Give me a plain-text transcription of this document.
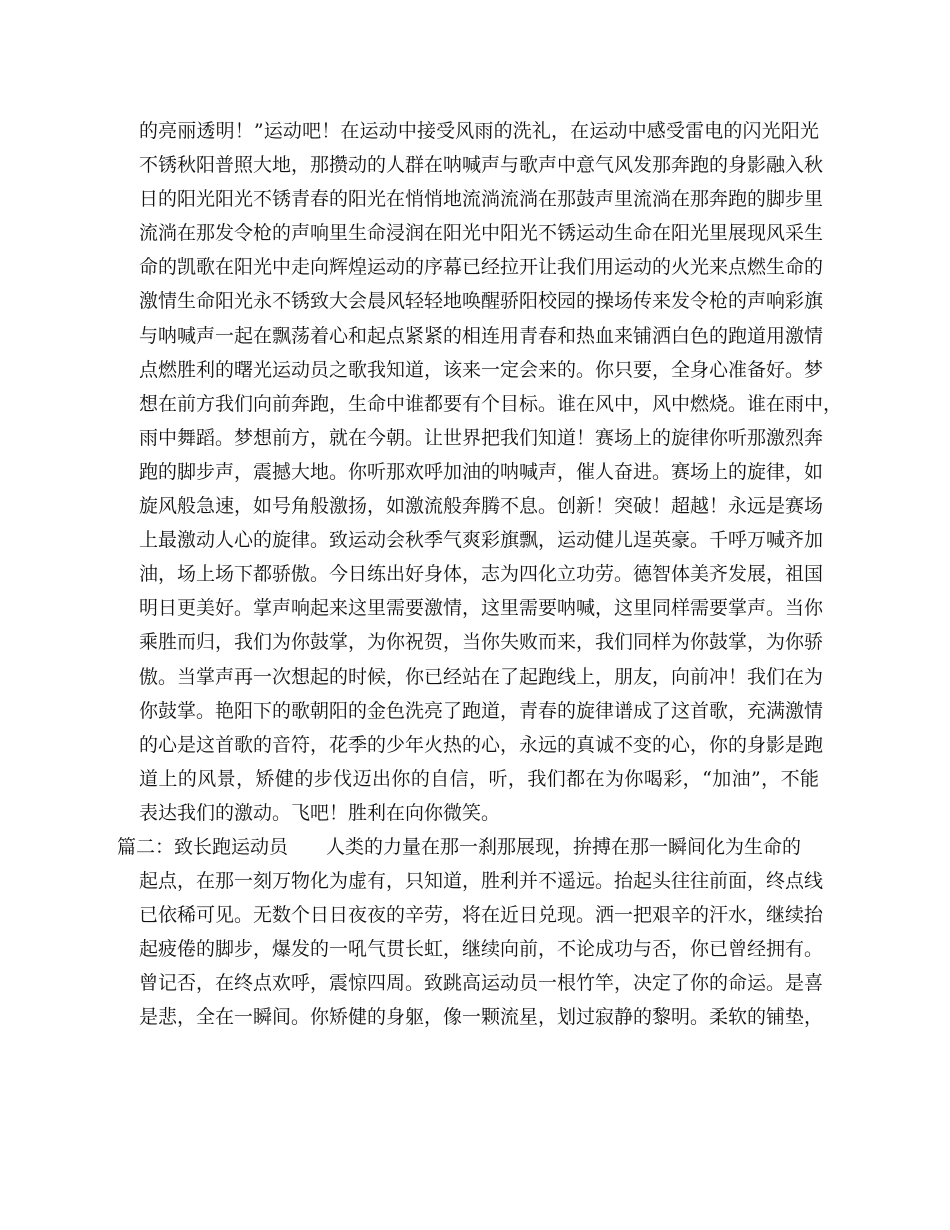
的亮丽透明！”运动吧！在运动中接受风雨的洗礼，在运动中感受雷电的闪光阳光
不锈秋阳普照大地，那攒动的人群在呐喊声与歌声中意气风发那奔跑的身影融入秋
日的阳光阳光不锈青春的阳光在悄悄地流淌流淌在那鼓声里流淌在那奔跑的脚步里
流淌在那发令枪的声响里生命浸润在阳光中阳光不锈运动生命在阳光里展现风采生
命的凯歌在阳光中走向辉煌运动的序幕已经拉开让我们用运动的火光来点燃生命的
激情生命阳光永不锈致大会晨风轻轻地唤醒骄阳校园的操场传来发令枪的声响彩旗
与呐喊声一起在飘荡着心和起点紧紧的相连用青春和热血来铺洒白色的跑道用激情
点燃胜利的曙光运动员之歌我知道，该来一定会来的。你只要，全身心准备好。梦
想在前方我们向前奔跑，生命中谁都要有个目标。谁在风中，风中燃烧。谁在雨中，
雨中舞蹈。梦想前方，就在今朝。让世界把我们知道！赛场上的旋律你听那激烈奔
跑的脚步声，震撼大地。你听那欢呼加油的呐喊声，催人奋进。赛场上的旋律，如
旋风般急速，如号角般激扬，如激流般奔腾不息。创新！突破！超越！永远是赛场
上最激动人心的旋律。致运动会秋季气爽彩旗飘，运动健儿逞英豪。千呼万喊齐加
油，场上场下都骄傲。今日练出好身体，志为四化立功劳。德智体美齐发展，祖国
明日更美好。掌声响起来这里需要激情，这里需要呐喊，这里同样需要掌声。当你
乘胜而归，我们为你鼓掌，为你祝贺，当你失败而来，我们同样为你鼓掌，为你骄
傲。当掌声再一次想起的时候，你已经站在了起跑线上，朋友，向前冲！我们在为
你鼓掌。艳阳下的歌朝阳的金色洗亮了跑道，青春的旋律谱成了这首歌，充满激情
的心是这首歌的音符，花季的少年火热的心，永远的真诚不变的心，你的身影是跑
道上的风景，矫健的步伐迈出你的自信，听，我们都在为你喝彩，“加油”，不能
表达我们的激动。飞吧！胜利在向你微笑。
篇二：致长跑运动员 人类的力量在那一刹那展现，拚搏在那一瞬间化为生命的
起点，在那一刻万物化为虚有，只知道，胜利并不遥远。抬起头往往前面，终点线
已依稀可见。无数个日日夜夜的辛劳，将在近日兑现。洒一把艰辛的汗水，继续抬
起疲倦的脚步，爆发的一吼气贯长虹，继续向前，不论成功与否，你已曾经拥有。
曾记否，在终点欢呼，震惊四周。致跳高运动员一根竹竿，决定了你的命运。是喜
是悲，全在一瞬间。你矫健的身躯，像一颗流星，划过寂静的黎明。柔软的铺垫，
